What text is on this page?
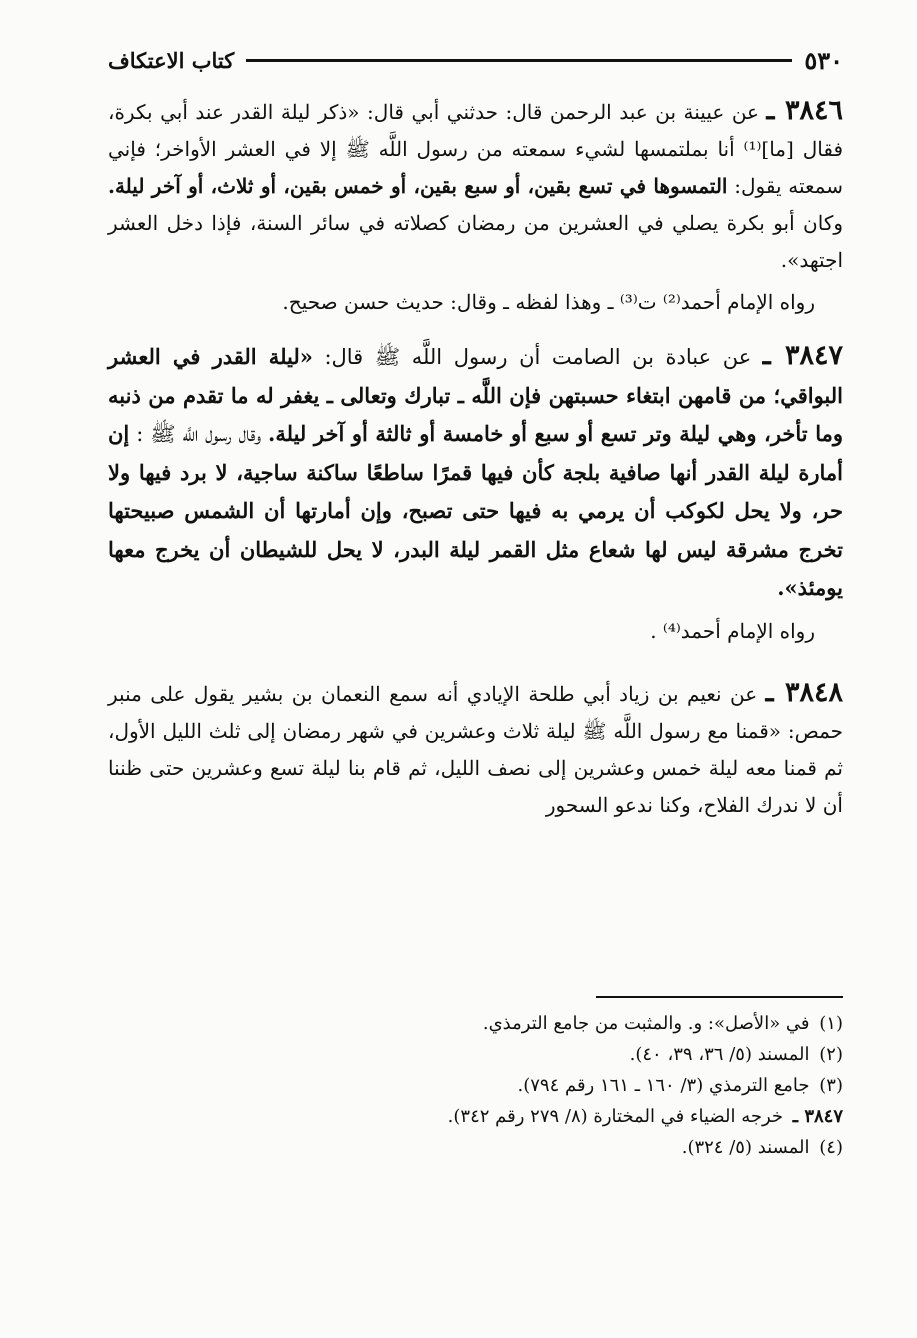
٥٣٠
كتاب الاعتكاف

٣٨٤٦ ـ عن عيينة بن عبد الرحمن قال: حدثني أبي قال: «ذكر ليلة القدر عند أبي بكرة، فقال [ما]⁽¹⁾ أنا بملتمسها لشيء سمعته من رسول اللَّه ﷺ إلا في العشر الأواخر؛ فإني سمعته يقول: التمسوها في تسع بقين، أو سبع بقين، أو خمس بقين، أو ثلاث، أو آخر ليلة. وكان أبو بكرة يصلي في العشرين من رمضان كصلاته في سائر السنة، فإذا دخل العشر اجتهد».

رواه الإمام أحمد⁽²⁾ ت⁽³⁾ ـ وهذا لفظه ـ وقال: حديث حسن صحيح.

٣٨٤٧ ـ عن عبادة بن الصامت أن رسول اللَّه ﷺ قال: «ليلة القدر في العشر البواقي؛ من قامهن ابتغاء حسبتهن فإن اللَّه ـ تبارك وتعالى ـ يغفر له ما تقدم من ذنبه وما تأخر، وهي ليلة وتر تسع أو سبع أو خامسة أو ثالثة أو آخر ليلة. وقال رسول اللَّه ﷺ : إن أمارة ليلة القدر أنها صافية بلجة كأن فيها قمرًا ساطعًا ساكنة ساجية، لا برد فيها ولا حر، ولا يحل لكوكب أن يرمي به فيها حتى تصبح، وإن أمارتها أن الشمس صبيحتها تخرج مشرقة ليس لها شعاع مثل القمر ليلة البدر، لا يحل للشيطان أن يخرج معها يومئذ».

رواه الإمام أحمد⁽⁴⁾ .

٣٨٤٨ ـ عن نعيم بن زياد أبي طلحة الإيادي أنه سمع النعمان بن بشير يقول على منبر حمص: «قمنا مع رسول اللَّه ﷺ ليلة ثلاث وعشرين في شهر رمضان إلى ثلث الليل الأول، ثم قمنا معه ليلة خمس وعشرين إلى نصف الليل، ثم قام بنا ليلة تسع وعشرين حتى ظننا أن لا ندرك الفلاح، وكنا ندعو السحور

(١) في «الأصل»: و. والمثبت من جامع الترمذي.
(٢) المسند (٥/ ٣٦، ٣٩، ٤٠).
(٣) جامع الترمذي (٣/ ١٦٠ ـ ١٦١ رقم ٧٩٤).
٣٨٤٧ ـ خرجه الضياء في المختارة (٨/ ٢٧٩ رقم ٣٤٢).
(٤) المسند (٥/ ٣٢٤).
